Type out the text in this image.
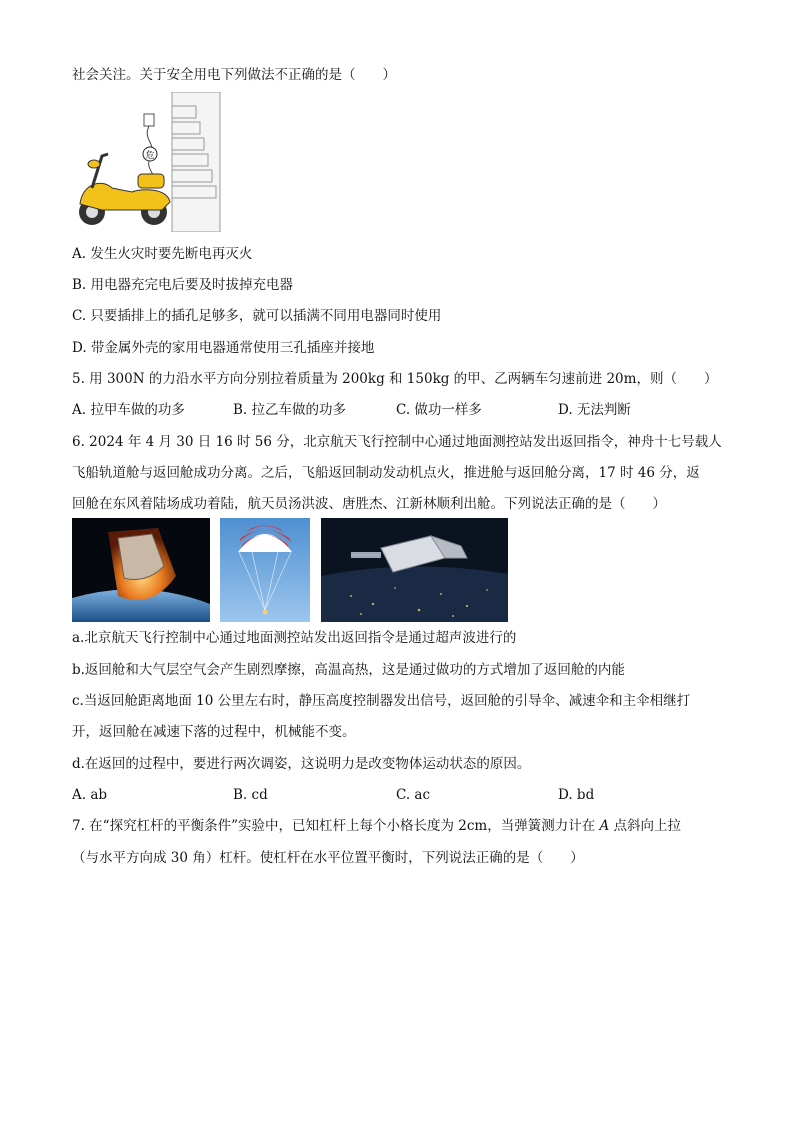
社会关注。关于安全用电下列做法不正确的是（　　）
危
A. 发生火灾时要先断电再灭火
B. 用电器充完电后要及时拔掉充电器
C. 只要插排上的插孔足够多，就可以插满不同用电器同时使用
D. 带金属外壳的家用电器通常使用三孔插座并接地
5. 用 300N 的力沿水平方向分别拉着质量为 200kg 和 150kg 的甲、乙两辆车匀速前进 20m，则（　　）
A. 拉甲车做的功多	B. 拉乙车做的功多	C. 做功一样多	D. 无法判断
6. 2024 年 4 月 30 日 16 时 56 分，北京航天飞行控制中心通过地面测控站发出返回指令，神舟十七号载人
飞船轨道舱与返回舱成功分离。之后，飞船返回制动发动机点火，推进舱与返回舱分离，17 时 46 分，返
回舱在东风着陆场成功着陆，航天员汤洪波、唐胜杰、江新林顺利出舱。下列说法正确的是（　　）
a.北京航天飞行控制中心通过地面测控站发出返回指令是通过超声波进行的
b.返回舱和大气层空气会产生剧烈摩擦，高温高热，这是通过做功的方式增加了返回舱的内能
c.当返回舱距离地面 10 公里左右时，静压高度控制器发出信号，返回舱的引导伞、减速伞和主伞相继打
开，返回舱在减速下落的过程中，机械能不变。
d.在返回的过程中，要进行两次调姿，这说明力是改变物体运动状态的原因。
A. ab	B. cd	C. ac	D. bd
7. 在“探究杠杆的平衡条件”实验中，已知杠杆上每个小格长度为 2cm，当弹簧测力计在 A 点斜向上拉
（与水平方向成 30 角）杠杆。使杠杆在水平位置平衡时，下列说法正确的是（　　）
